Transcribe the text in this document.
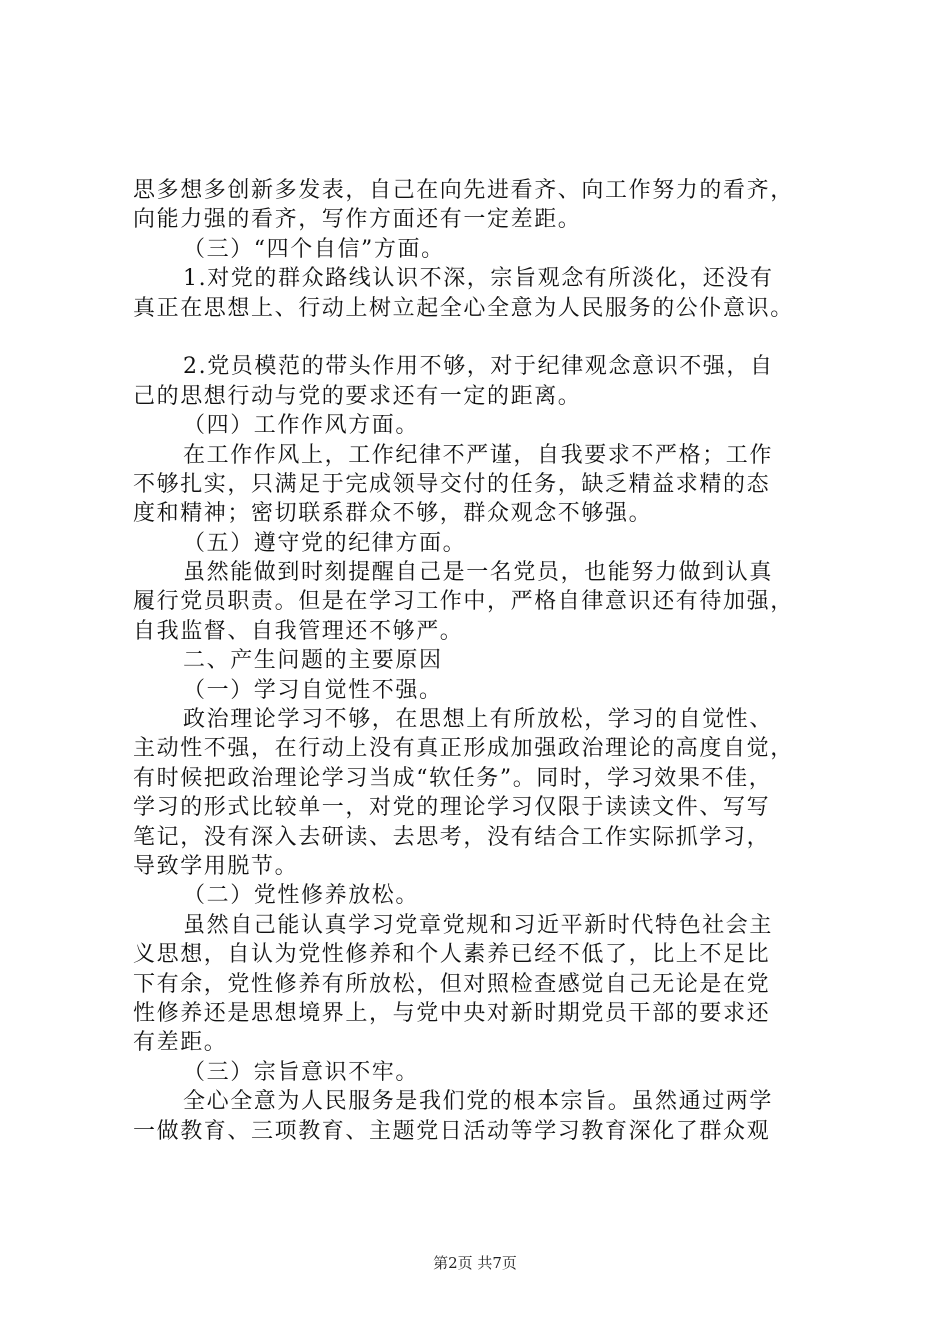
思多想多创新多发表，自己在向先进看齐、向工作努力的看齐，
向能力强的看齐，写作方面还有一定差距。
（三）“四个自信”方面。
1.对党的群众路线认识不深，宗旨观念有所淡化，还没有
真正在思想上、行动上树立起全心全意为人民服务的公仆意识。
2.党员模范的带头作用不够，对于纪律观念意识不强，自
己的思想行动与党的要求还有一定的距离。
（四）工作作风方面。
在工作作风上，工作纪律不严谨，自我要求不严格；工作
不够扎实，只满足于完成领导交付的任务，缺乏精益求精的态
度和精神；密切联系群众不够，群众观念不够强。
（五）遵守党的纪律方面。
虽然能做到时刻提醒自己是一名党员，也能努力做到认真
履行党员职责。但是在学习工作中，严格自律意识还有待加强，
自我监督、自我管理还不够严。
二、产生问题的主要原因
（一）学习自觉性不强。
政治理论学习不够，在思想上有所放松，学习的自觉性、
主动性不强，在行动上没有真正形成加强政治理论的高度自觉，
有时候把政治理论学习当成“软任务”。同时，学习效果不佳，
学习的形式比较单一，对党的理论学习仅限于读读文件、写写
笔记，没有深入去研读、去思考，没有结合工作实际抓学习，
导致学用脱节。
（二）党性修养放松。
虽然自己能认真学习党章党规和习近平新时代特色社会主
义思想，自认为党性修养和个人素养已经不低了，比上不足比
下有余，党性修养有所放松，但对照检查感觉自己无论是在党
性修养还是思想境界上，与党中央对新时期党员干部的要求还
有差距。
（三）宗旨意识不牢。
全心全意为人民服务是我们党的根本宗旨。虽然通过两学
一做教育、三项教育、主题党日活动等学习教育深化了群众观
第2页 共7页
